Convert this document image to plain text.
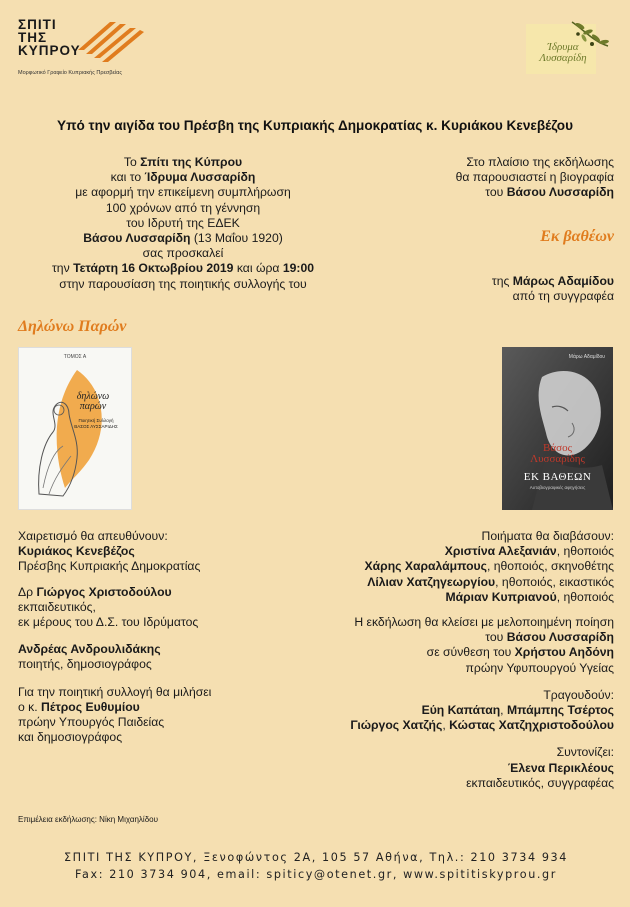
ΣΠΙΤΙ
ΤΗΣ
ΚΥΠΡΟΥ
Μορφωτικό Γραφείο Κυπριακής Πρεσβείας
Ίδρυμα
Λυσσαρίδη
Υπό την αιγίδα του Πρέσβη της Κυπριακής Δημοκρατίας κ. Κυριάκου Κενεβέζου
Το Σπίτι της Κύπρου
και το Ίδρυμα Λυσσαρίδη
με αφορμή την επικείμενη συμπλήρωση
100 χρόνων από τη γέννηση
του Ιδρυτή της ΕΔΕΚ
Βάσου Λυσσαρίδη (13 Μαΐου 1920)
σας προσκαλεί
την Τετάρτη 16 Οκτωβρίου 2019 και ώρα 19:00
στην παρουσίαση της ποιητικής συλλογής του
Δηλώνω Παρών
Στο πλαίσιο της εκδήλωσης
θα παρουσιαστεί η βιογραφία
του Βάσου Λυσσαρίδη
Εκ βαθέων
της Μάρως Αδαμίδου
από τη συγγραφέα
ΤΟΜΟΣ Α
δηλώνω
παρών
Ποιητική Συλλογή
ΒΑΣΟΣ ΛΥΣΣΑΡΙΔΗΣ
Μάρω Αδαμίδου
Βάσος
Λυσσαρίδης
ΕΚ ΒΑΘΕΩΝ
Αυτοβιογραφικές αφηγήσεις
Χαιρετισμό θα απευθύνουν:
Κυριάκος Κενεβέζος
Πρέσβης Κυπριακής Δημοκρατίας
Δρ Γιώργος Χριστοδούλου
εκπαιδευτικός,
εκ μέρους του Δ.Σ. του Ιδρύματος
Ανδρέας Ανδρουλιδάκης
ποιητής, δημοσιογράφος
Για την ποιητική συλλογή θα μιλήσει
ο κ. Πέτρος Ευθυμίου
πρώην Υπουργός Παιδείας
και δημοσιογράφος
Ποιήματα θα διαβάσουν:
Χριστίνα Αλεξανιάν, ηθοποιός
Χάρης Χαραλάμπους, ηθοποιός, σκηνοθέτης
Λίλιαν Χατζηγεωργίου, ηθοποιός, εικαστικός
Μάριαν Κυπριανού, ηθοποιός
Η εκδήλωση θα κλείσει με μελοποιημένη ποίηση
του Βάσου Λυσσαρίδη
σε σύνθεση του Χρήστου Αηδόνη
πρώην Υφυπουργού Υγείας
Τραγουδούν:
Εύη Καπάταη, Μπάμπης Τσέρτος
Γιώργος Χατζής, Κώστας Χατζηχριστοδούλου
Συντονίζει:
Έλενα Περικλέους
εκπαιδευτικός, συγγραφέας
Επιμέλεια εκδήλωσης: Νίκη Μιχαηλίδου
ΣΠΙΤΙ ΤΗΣ ΚΥΠΡΟΥ, Ξενοφώντος 2Α, 105 57 Αθήνα, Τηλ.: 210 3734 934
Fax: 210 3734 904, email: spiticy@otenet.gr, www.spititiskyprou.gr
